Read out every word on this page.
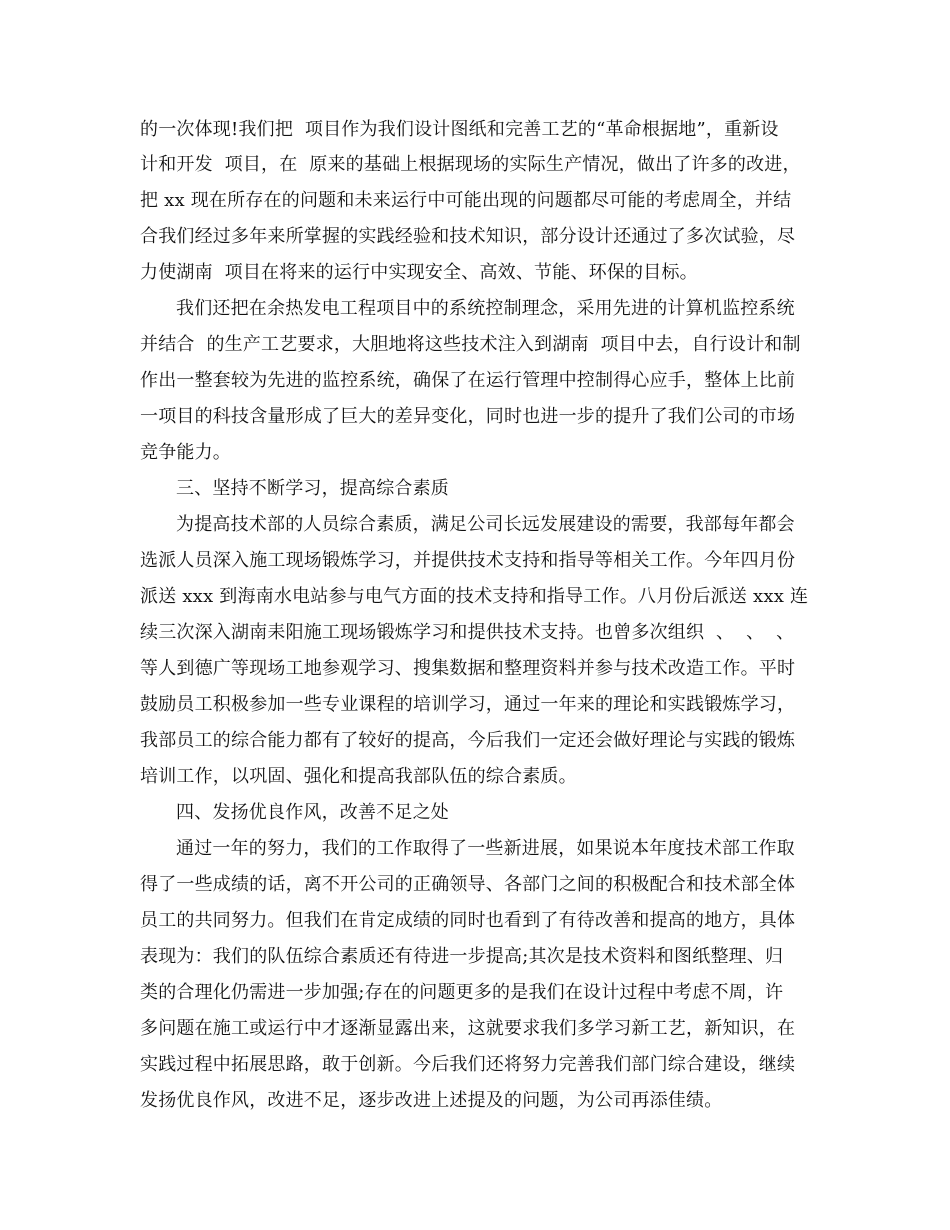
的一次体现!我们把  项目作为我们设计图纸和完善工艺的“革命根据地”，重新设
计和开发  项目，在  原来的基础上根据现场的实际生产情况，做出了许多的改进，
把 xx 现在所存在的问题和未来运行中可能出现的问题都尽可能的考虑周全，并结
合我们经过多年来所掌握的实践经验和技术知识，部分设计还通过了多次试验，尽
力使湖南  项目在将来的运行中实现安全、高效、节能、环保的目标。
我们还把在余热发电工程项目中的系统控制理念，采用先进的计算机监控系统
并结合  的生产工艺要求，大胆地将这些技术注入到湖南  项目中去，自行设计和制
作出一整套较为先进的监控系统，确保了在运行管理中控制得心应手，整体上比前
一项目的科技含量形成了巨大的差异变化，同时也进一步的提升了我们公司的市场
竞争能力。
三、坚持不断学习，提高综合素质
为提高技术部的人员综合素质，满足公司长远发展建设的需要，我部每年都会
选派人员深入施工现场锻炼学习，并提供技术支持和指导等相关工作。今年四月份
派送 xxx 到海南水电站参与电气方面的技术支持和指导工作。八月份后派送 xxx 连
续三次深入湖南耒阳施工现场锻炼学习和提供技术支持。也曾多次组织  、  、  、
等人到德广等现场工地参观学习、搜集数据和整理资料并参与技术改造工作。平时
鼓励员工积极参加一些专业课程的培训学习，通过一年来的理论和实践锻炼学习，
我部员工的综合能力都有了较好的提高，今后我们一定还会做好理论与实践的锻炼
培训工作，以巩固、强化和提高我部队伍的综合素质。
四、发扬优良作风，改善不足之处
通过一年的努力，我们的工作取得了一些新进展，如果说本年度技术部工作取
得了一些成绩的话，离不开公司的正确领导、各部门之间的积极配合和技术部全体
员工的共同努力。但我们在肯定成绩的同时也看到了有待改善和提高的地方，具体
表现为：我们的队伍综合素质还有待进一步提高;其次是技术资料和图纸整理、归
类的合理化仍需进一步加强;存在的问题更多的是我们在设计过程中考虑不周，许
多问题在施工或运行中才逐渐显露出来，这就要求我们多学习新工艺，新知识，在
实践过程中拓展思路，敢于创新。今后我们还将努力完善我们部门综合建设，继续
发扬优良作风，改进不足，逐步改进上述提及的问题，为公司再添佳绩。
